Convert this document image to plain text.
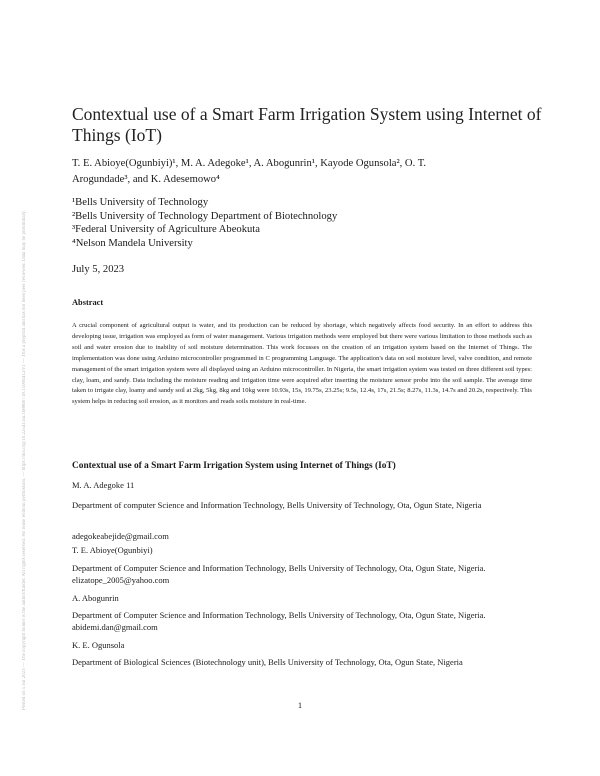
Posted on 5 Jul 2023 — The copyright holder is the author/funder. All rights reserved. No reuse without permission. — https://doi.org/10.22541/au.168860718.15906412/v1 — This a preprint and has not been peer reviewed. Data may be preliminary.
Contextual use of a Smart Farm Irrigation System using Internet of Things (IoT)
T. E. Abioye(Ogunbiyi)¹, M. A. Adegoke¹, A. Abogunrin¹, Kayode Ogunsola², O. T.
Arogundade³, and K. Adesemowo⁴
¹Bells University of Technology
²Bells University of Technology Department of Biotechnology
³Federal University of Agriculture Abeokuta
⁴Nelson Mandela University
July 5, 2023
Abstract

A crucial component of agricultural output is water, and its production can be reduced by shortage, which negatively affects food security. In an effort to address this developing issue, irrigation was employed as form of water management. Various irrigation methods were employed but there were various limitation to those methods such as soil and water erosion due to inability of soil moisture determination. This work focusses on the creation of an irrigation system based on the Internet of Things. The implementation was done using Arduino microcontroller programmed in C programming Language. The application's data on soil moisture level, valve condition, and remote management of the smart irrigation system were all displayed using an Arduino microcontroller. In Nigeria, the smart irrigation system was tested on three different soil types: clay, loam, and sandy. Data including the moisture reading and irrigation time were acquired after inserting the moisture sensor probe into the soil sample. The average time taken to irrigate clay, loamy and sandy soil at 2kg, 5kg, 8kg and 10kg were 10.93s, 15s, 19.75s, 23.25s; 9.5s, 12.4s, 17s, 21.5s; 8.27s, 11.3s, 14.7s and 20.2s, respectively. This system helps in reducing soil erosion, as it monitors and reads soils moisture in real-time.

Contextual use of a Smart Farm Irrigation System using Internet of Things (IoT)
M. A. Adegoke 11
Department of computer Science and Information Technology, Bells University of Technology, Ota, Ogun State, Nigeria
adegokeabejide@gmail.com
T. E. Abioye(Ogunbiyi)
Department of Computer Science and Information Technology, Bells University of Technology, Ota, Ogun State, Nigeria. elizatope_2005@yahoo.com
A. Abogunrin
Department of Computer Science and Information Technology, Bells University of Technology, Ota, Ogun State, Nigeria. abidemi.dan@gmail.com
K. E. Ogunsola
Department of Biological Sciences (Biotechnology unit), Bells University of Technology, Ota, Ogun State, Nigeria
1
